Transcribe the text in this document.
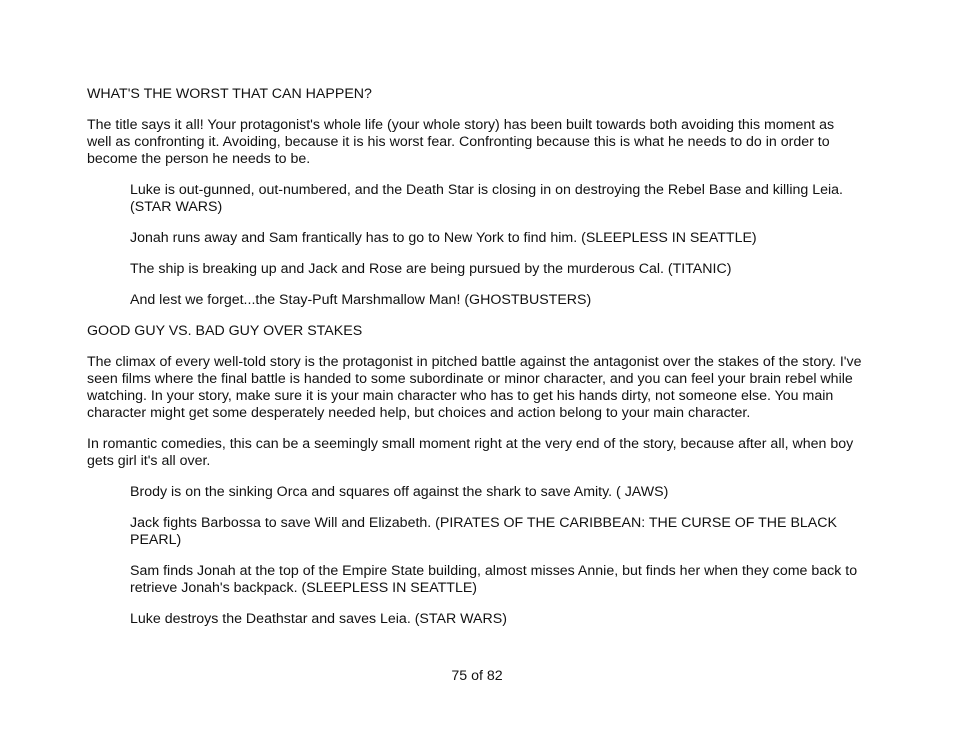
WHAT'S THE WORST THAT CAN HAPPEN?
The title says it all! Your protagonist's whole life (your whole story) has been built towards both avoiding this moment as well as confronting it. Avoiding, because it is his worst fear. Confronting because this is what he needs to do in order to become the person he needs to be.
Luke is out-gunned, out-numbered, and the Death Star is closing in on destroying the Rebel Base and killing Leia. (STAR WARS)
Jonah runs away and Sam frantically has to go to New York to find him. (SLEEPLESS IN SEATTLE)
The ship is breaking up and Jack and Rose are being pursued by the murderous Cal. (TITANIC)
And lest we forget...the Stay-Puft Marshmallow Man! (GHOSTBUSTERS)
GOOD GUY VS. BAD GUY OVER STAKES
The climax of every well-told story is the protagonist in pitched battle against the antagonist over the stakes of the story. I've seen films where the final battle is handed to some subordinate or minor character, and you can feel your brain rebel while watching. In your story, make sure it is your main character who has to get his hands dirty, not someone else. You main character might get some desperately needed help, but choices and action belong to your main character.
In romantic comedies, this can be a seemingly small moment right at the very end of the story, because after all, when boy gets girl it's all over.
Brody is on the sinking Orca and squares off against the shark to save Amity. ( JAWS)
Jack fights Barbossa to save Will and Elizabeth. (PIRATES OF THE CARIBBEAN: THE CURSE OF THE BLACK PEARL)
Sam finds Jonah at the top of the Empire State building, almost misses Annie, but finds her when they come back to retrieve Jonah's backpack. (SLEEPLESS IN SEATTLE)
Luke destroys the Deathstar and saves Leia. (STAR WARS)
75 of 82
